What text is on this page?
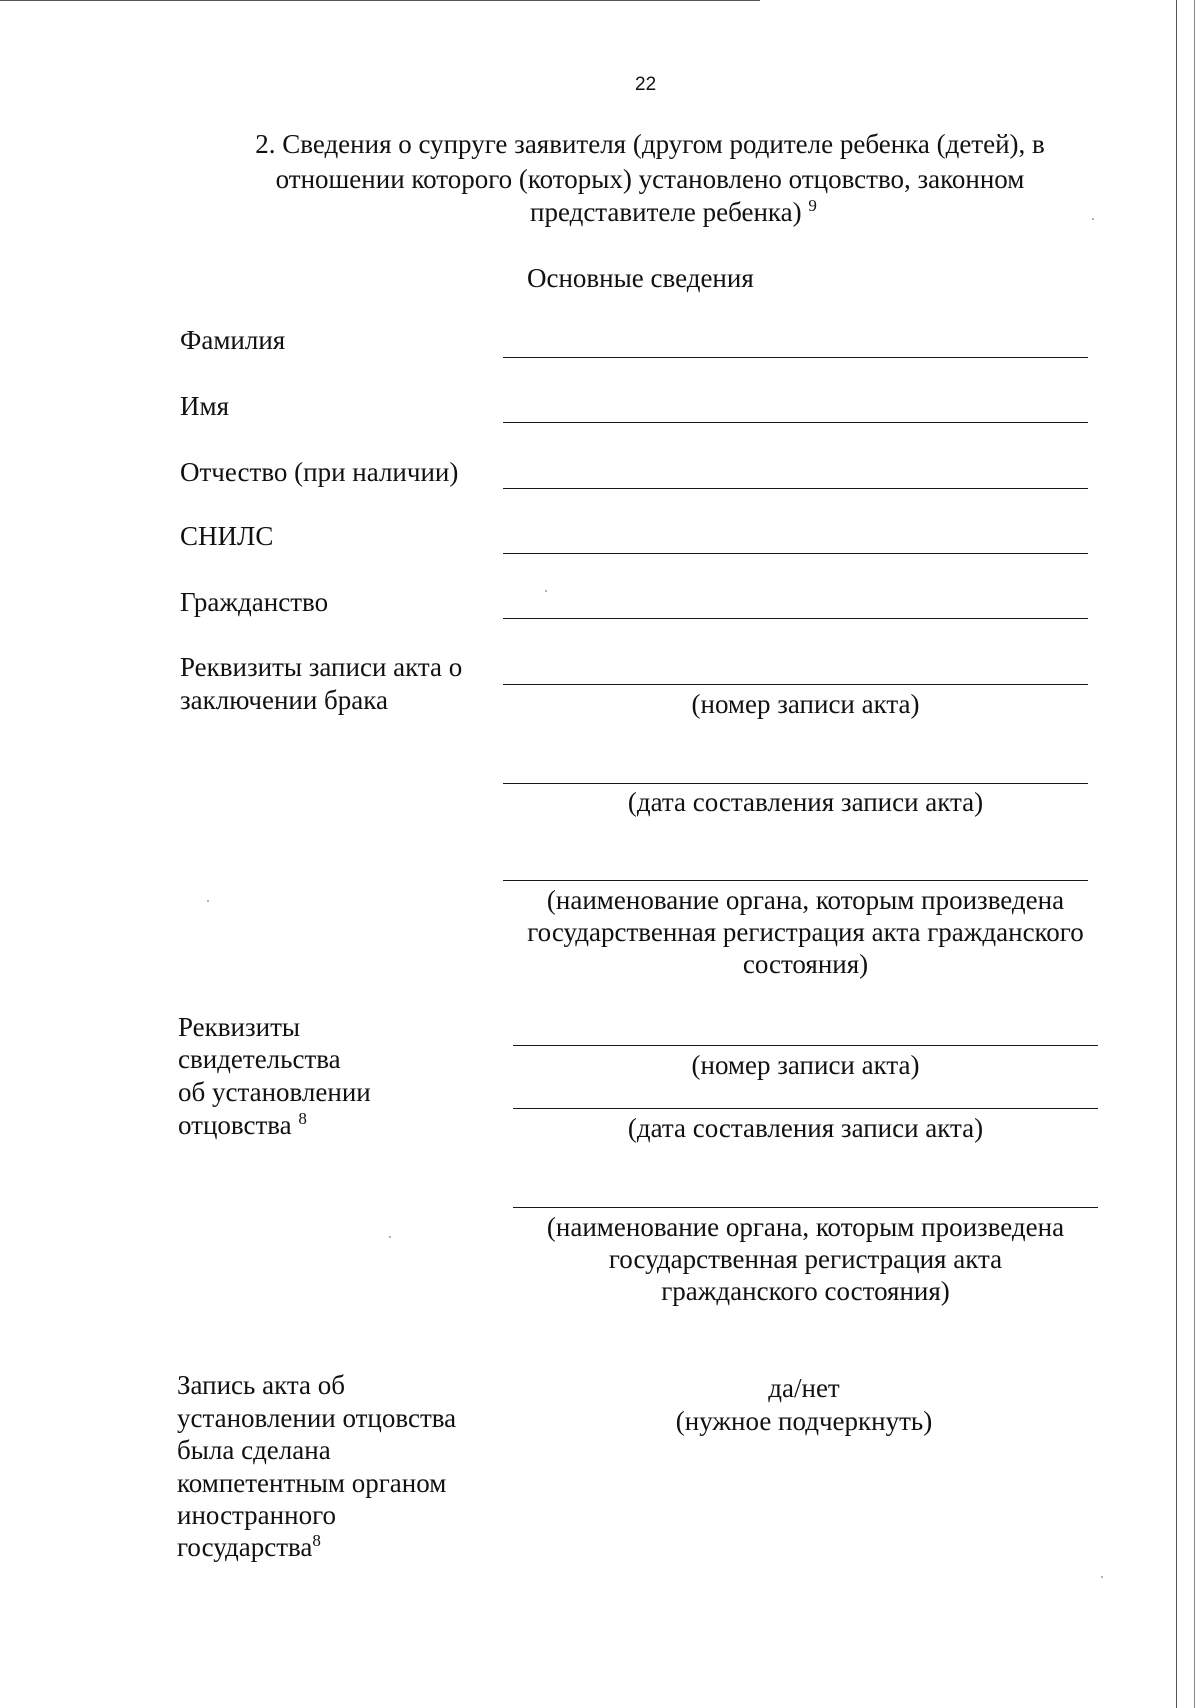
22
2. Сведения о супруге заявителя (другом родителе ребенка (детей), в
отношении которого (которых) установлено отцовство, законном
представителе ребенка) $^9$
Основные сведения
Фамилия
Имя
Отчество (при наличии)
СНИЛС
Гражданство
Реквизиты записи акта о
заключении брака	(номер записи акта)
(дата составления записи акта)
(наименование органа, которым произведена
государственная регистрация акта гражданского
состояния)
Реквизиты
свидетельства
об установлении
отцовства $^8$
(номер записи акта)
(дата составления записи акта)
(наименование органа, которым произведена
государственная регистрация акта
гражданского состояния)
Запись акта об
установлении отцовства
была сделана
компетентным органом
иностранного
государства$^8$
да/нет
(нужное подчеркнуть)
